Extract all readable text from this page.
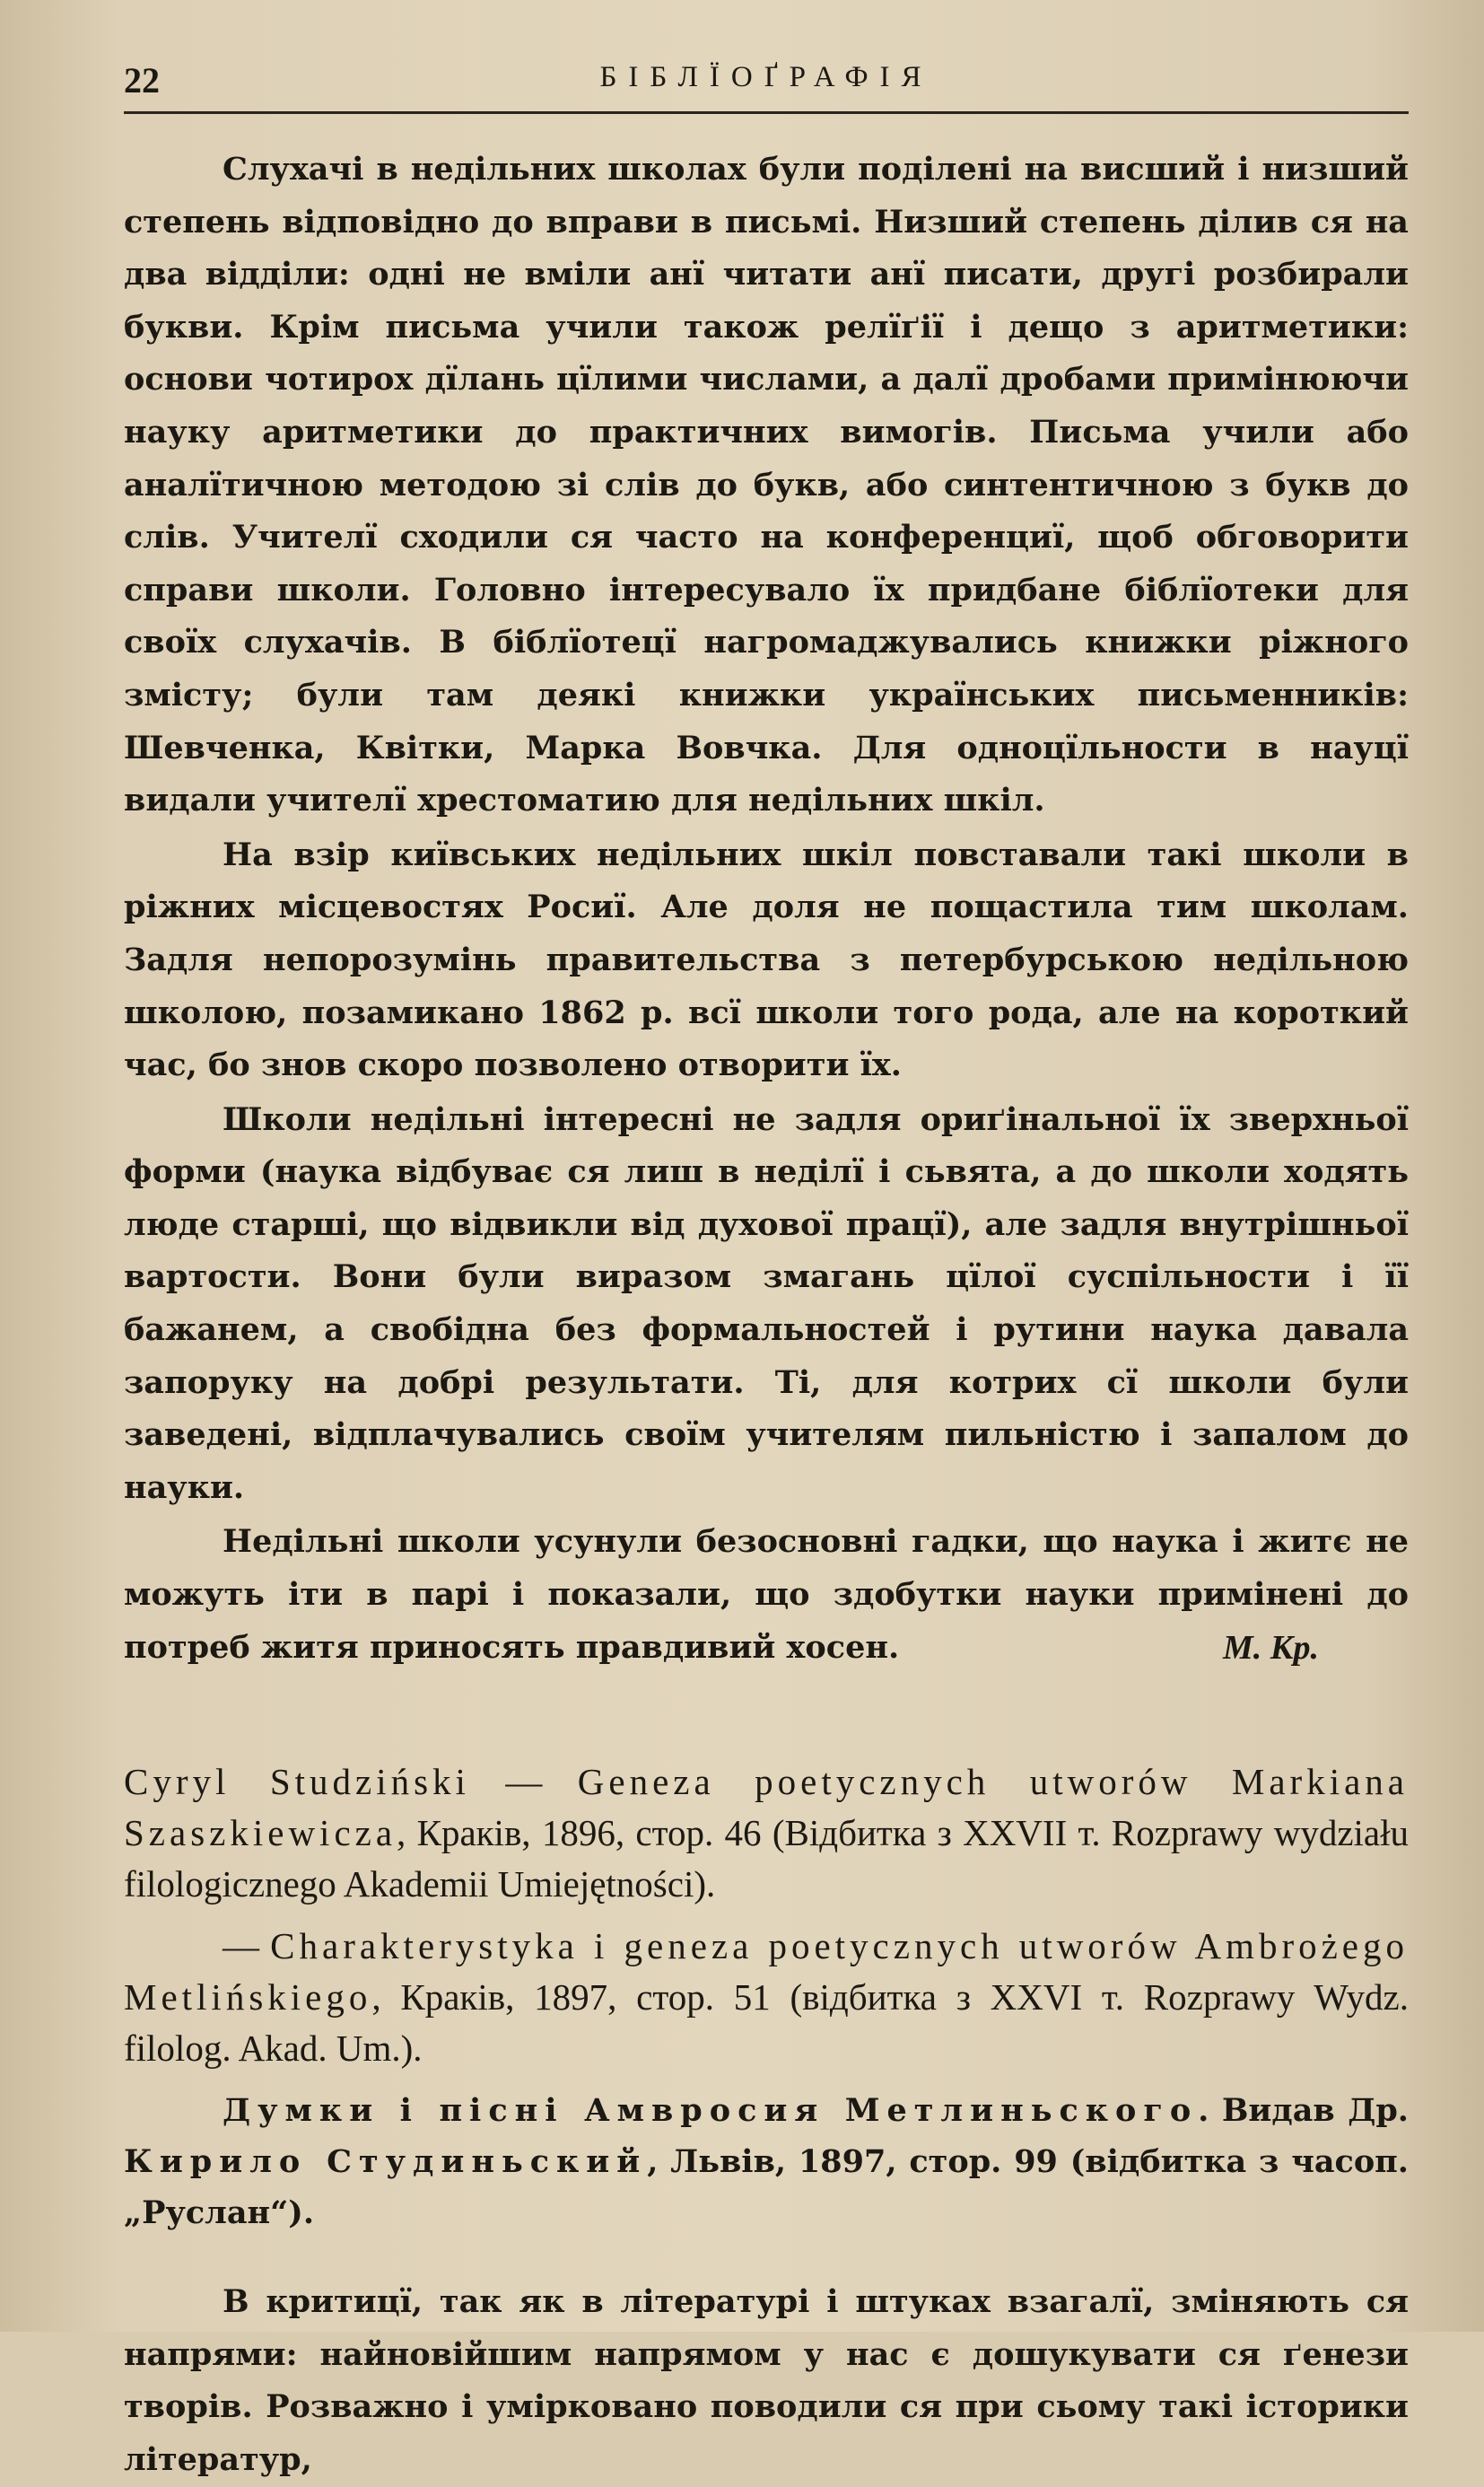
22	БІБЛЇОҐРАФІЯ

Слухачі в недільних школах були поділені на висший і низший степень відповідно до вправи в письмі. Низший степень ділив ся на два відділи: одні не вміли анї читати анї писати, другі розбирали букви. Крім письма учили також релїґії і дещо з аритметики: основи чотирох дїлань цїлими числами, а далї дробами примінюючи науку аритметики до практичних вимогів. Письма учили або аналїтичною методою зі слів до букв, або синтентичною з букв до слів. Учителї сходили ся часто на конференциї, щоб обговорити справи школи. Головно інтересувало їх придбане біблїотеки для своїх слухачів. В біблїотецї нагромаджувались книжки ріжного змісту; були там деякі книжки українських письменників: Шевченка, Квітки, Марка Вовчка. Для одноцїльности в науцї видали учителї хрестоматию для недільних шкіл.

На взір київських недільних шкіл повставали такі школи в ріжних місцевостях Росиї. Але доля не пощастила тим школам. Задля непорозумінь правительства з петербурською недільною школою, позамикано 1862 р. всї школи того рода, але на короткий час, бо знов скоро позволено отворити їх.

Школи недільні інтересні не задля ориґінальної їх зверхньої форми (наука відбуває ся лиш в неділї і сьвята, а до школи ходять люде старші, що відвикли від духової працї), але задля внутрішньої вартости. Вони були виразом змагань цїлої суспільности і її бажанем, а свобідна без формальностей і рутини наука давала запоруку на добрі результати. Ті, для котрих сї школи були заведені, відплачувались своїм учителям пильністю і запалом до науки.

Недільні школи усунули безосновні гадки, що наука і житє не можуть іти в парі і показали, що здобутки науки примінені до потреб житя приносять правдивий хосен.	М. Кр.

Cyryl Studziński — Geneza poetycznych utworów Markiana Szaszkiewicza, Краків, 1896, стор. 46 (Відбитка з XXVII т. Rozprawy wydziału filologicznego Akademii Umiejętności).

— Charakterystyka i geneza poetycznych utworów Ambrożego Metlińskiego, Краків, 1897, стор. 51 (відбитка з XXVI т. Rozprawy Wydz. filolog. Akad. Um.).

Думки і пісні Амвросия Метлиньского. Видав Др. Кирило Студиньский, Львів, 1897, стор. 99 (відбитка з часоп. „Руслан“).

В критицї, так як в літературі і штуках взагалї, зміняють ся напрями: найновійшим напрямом у нас є дошукувати ся ґенези творів. Розважно і умірковано поводили ся при сьому такі історики літератур,
